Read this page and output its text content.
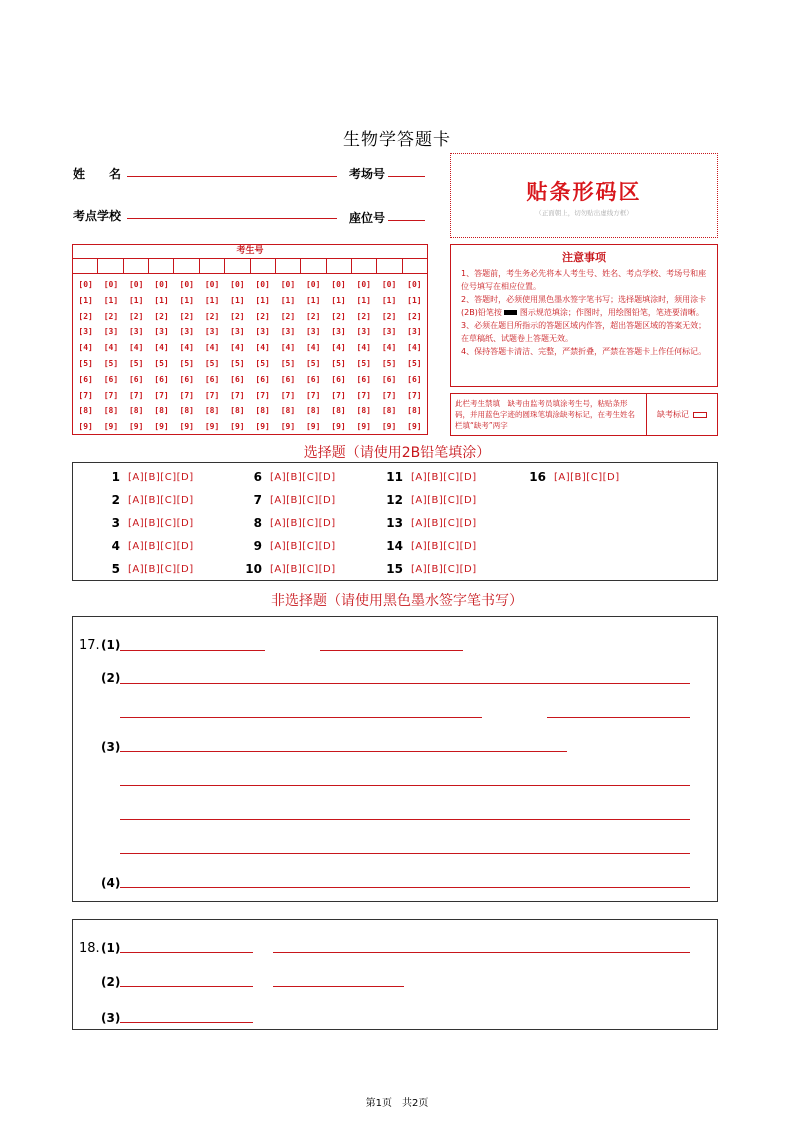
生物学答题卡
姓　　名	考场号
考点学校	座位号
贴条形码区
（正面朝上，切勿贴出虚线方框）
考生号
[0]	[0]	[0]	[0]	[0]	[0]	[0]	[0]	[0]	[0]	[0]	[0]	[0]	[0]
[1]	[1]	[1]	[1]	[1]	[1]	[1]	[1]	[1]	[1]	[1]	[1]	[1]	[1]
[2]	[2]	[2]	[2]	[2]	[2]	[2]	[2]	[2]	[2]	[2]	[2]	[2]	[2]
[3]	[3]	[3]	[3]	[3]	[3]	[3]	[3]	[3]	[3]	[3]	[3]	[3]	[3]
[4]	[4]	[4]	[4]	[4]	[4]	[4]	[4]	[4]	[4]	[4]	[4]	[4]	[4]
[5]	[5]	[5]	[5]	[5]	[5]	[5]	[5]	[5]	[5]	[5]	[5]	[5]	[5]
[6]	[6]	[6]	[6]	[6]	[6]	[6]	[6]	[6]	[6]	[6]	[6]	[6]	[6]
[7]	[7]	[7]	[7]	[7]	[7]	[7]	[7]	[7]	[7]	[7]	[7]	[7]	[7]
[8]	[8]	[8]	[8]	[8]	[8]	[8]	[8]	[8]	[8]	[8]	[8]	[8]	[8]
[9]	[9]	[9]	[9]	[9]	[9]	[9]	[9]	[9]	[9]	[9]	[9]	[9]	[9]
注意事项

1、答题前，考生务必先将本人考生号、姓名、考点学校、考场号和座位号填写在相应位置。

2、答题时，必须使用黑色墨水签字笔书写；选择题填涂时，须用涂卡(2B)铅笔按 图示规范填涂；作图时，用绘图铅笔，笔迹要清晰。

3、必须在题目所指示的答题区域内作答，超出答题区域的答案无效；在草稿纸、试题卷上答题无效。

4、保持答题卡清洁、完整，严禁折叠，严禁在答题卡上作任何标记。

此栏考生禁填　缺考由监考员填涂考生号，粘贴条形码，并用蓝色字迹的圆珠笔填涂缺考标记，在考生姓名栏填“缺考”两字
缺考标记
选择题（请使用2B铅笔填涂）
1 [A][B][C][D]
2 [A][B][C][D]
3 [A][B][C][D]
4 [A][B][C][D]
5 [A][B][C][D]
6 [A][B][C][D]
7 [A][B][C][D]
8 [A][B][C][D]
9 [A][B][C][D]
10 [A][B][C][D]
11 [A][B][C][D]
12 [A][B][C][D]
13 [A][B][C][D]
14 [A][B][C][D]
15 [A][B][C][D]
16 [A][B][C][D]
非选择题（请使用黑色墨水签字笔书写）
17. (1)
(2)
(3)
(4)
18. (1)
(2)
(3)
第1页　共2页
